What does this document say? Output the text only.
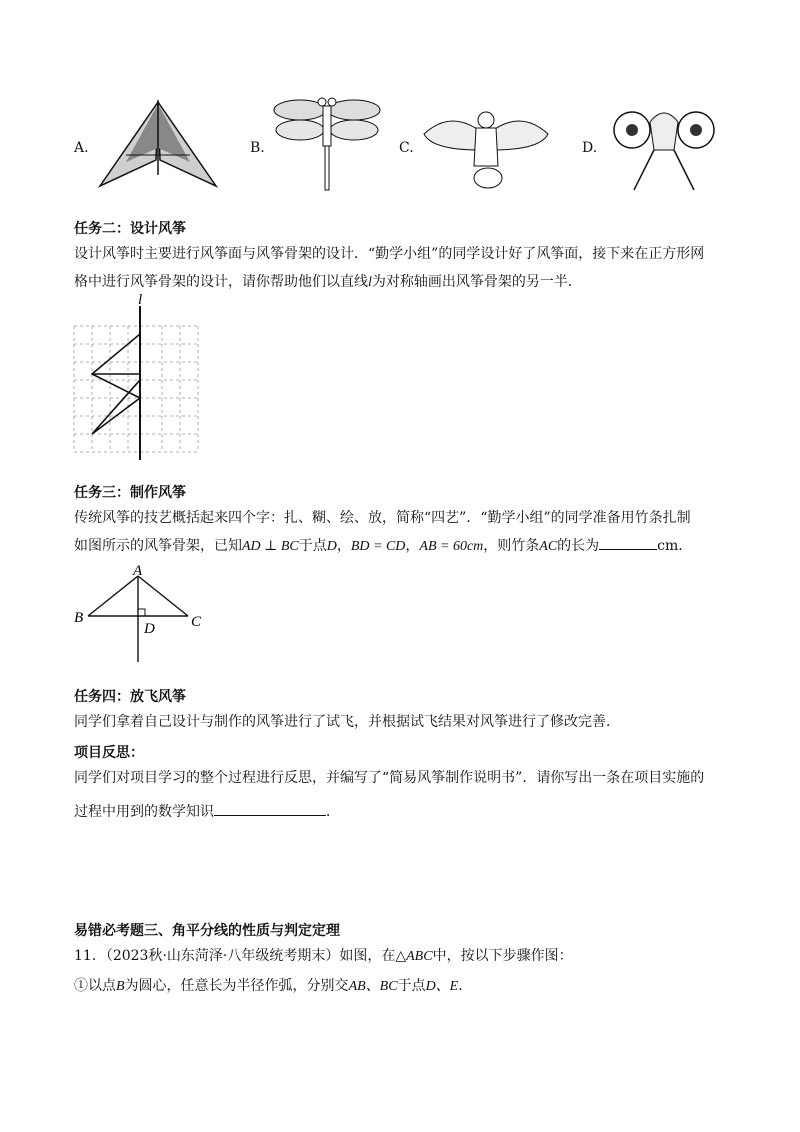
A.	B.	C.	D.
任务二：设计风筝
设计风筝时主要进行风筝面与风筝骨架的设计．“勤学小组”的同学设计好了风筝面，接下来在正方形网
格中进行风筝骨架的设计，请你帮助他们以直线l为对称轴画出风筝骨架的另一半．
l
任务三：制作风筝
传统风筝的技艺概括起来四个字：扎、糊、绘、放，简称“四艺”．“勤学小组”的同学准备用竹条扎制
如图所示的风筝骨架，已知AD ⊥ BC于点D，BD = CD，AB = 60cm，则竹条AC的长为	cm．
A
B	C
D
任务四：放飞风筝
同学们拿着自己设计与制作的风筝进行了试飞，并根据试飞结果对风筝进行了修改完善．
项目反思：
同学们对项目学习的整个过程进行反思，并编写了“简易风筝制作说明书”．请你写出一条在项目实施的
过程中用到的数学知识	．
易错必考题三、角平分线的性质与判定定理
11．（2023秋·山东菏泽·八年级统考期末）如图，在△ABC中，按以下步骤作图：
①以点B为圆心，任意长为半径作弧，分别交AB、BC于点D、E.
